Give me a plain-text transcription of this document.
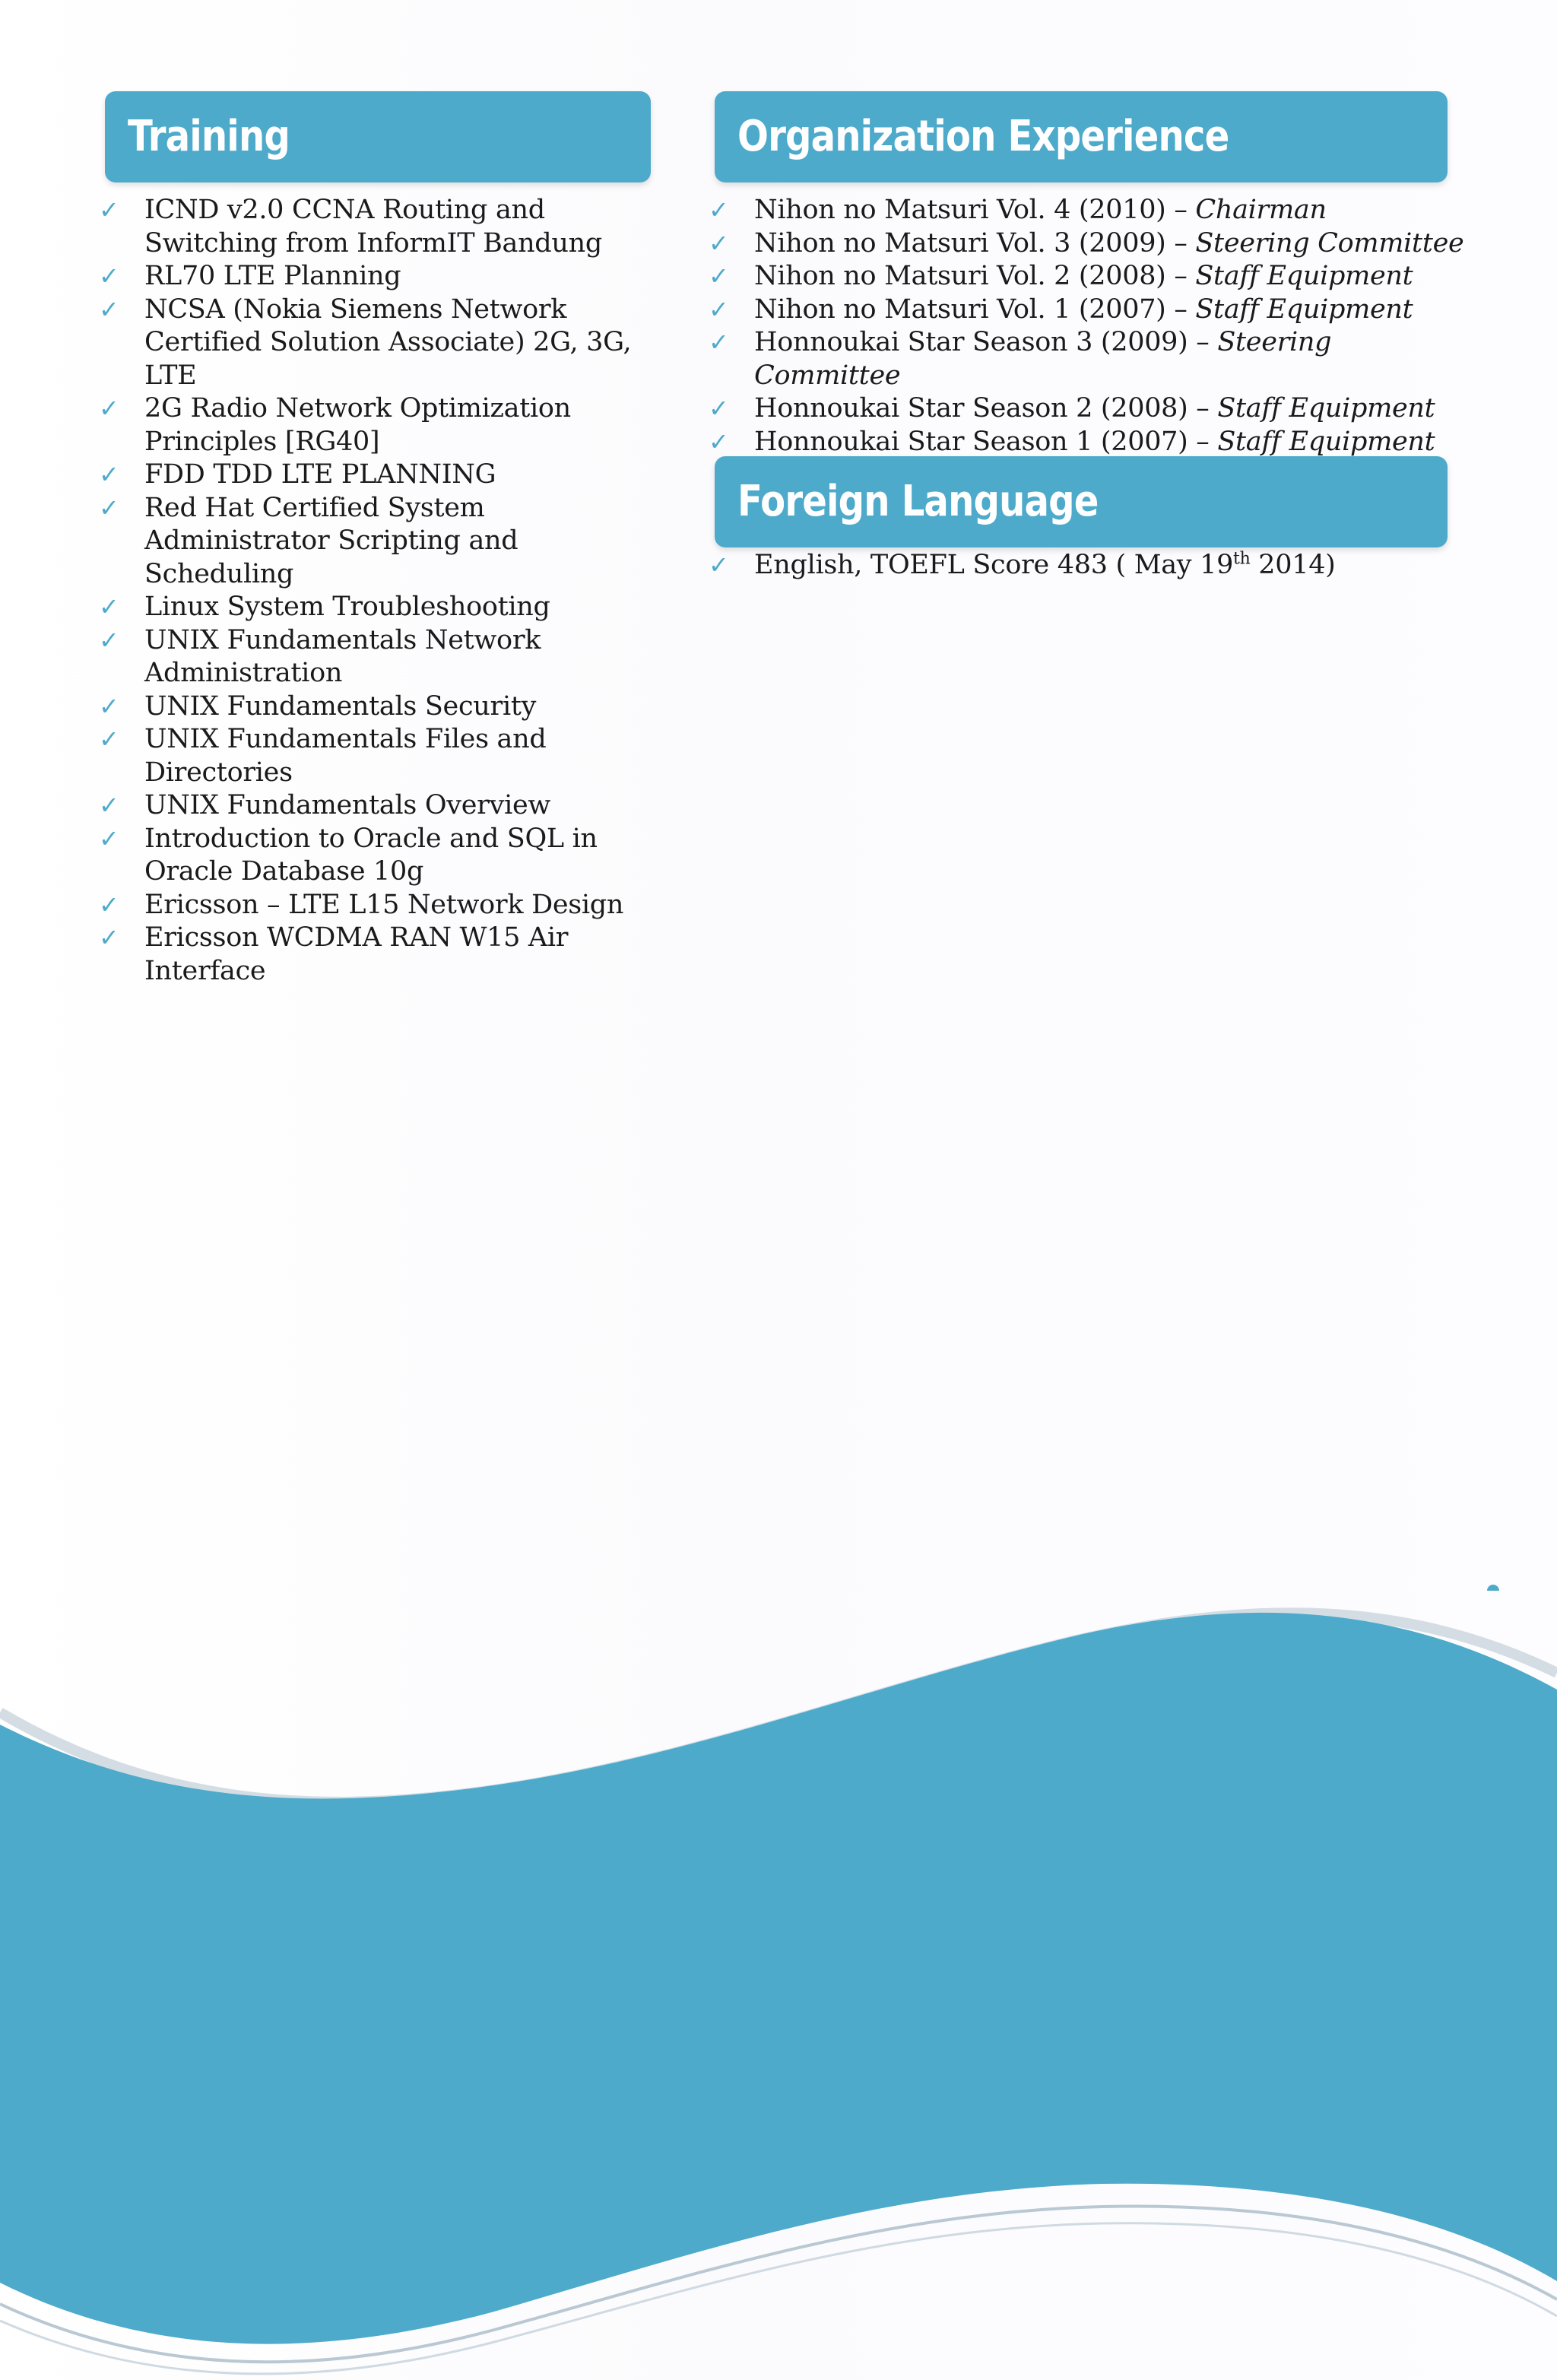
Training
✓ ICND v2.0 CCNA Routing and Switching from InformIT Bandung
✓ RL70 LTE Planning
✓ NCSA (Nokia Siemens Network Certified Solution Associate) 2G, 3G, LTE
✓ 2G Radio Network Optimization Principles [RG40]
✓ FDD TDD LTE PLANNING
✓ Red Hat Certified System Administrator Scripting and Scheduling
✓ Linux System Troubleshooting
✓ UNIX Fundamentals Network Administration
✓ UNIX Fundamentals Security
✓ UNIX Fundamentals Files and Directories
✓ UNIX Fundamentals Overview
✓ Introduction to Oracle and SQL in Oracle Database 10g
✓ Ericsson – LTE L15 Network Design
✓ Ericsson WCDMA RAN W15 Air Interface
Organization Experience
✓ Nihon no Matsuri Vol. 4 (2010) – Chairman
✓ Nihon no Matsuri Vol. 3 (2009) – Steering Committee
✓ Nihon no Matsuri Vol. 2 (2008) – Staff Equipment
✓ Nihon no Matsuri Vol. 1 (2007) – Staff Equipment
✓ Honnoukai Star Season 3 (2009) – Steering Committee
✓ Honnoukai Star Season 2 (2008) – Staff Equipment
✓ Honnoukai Star Season 1 (2007) – Staff Equipment
Foreign Language
✓ English, TOEFL Score 483 ( May 19th 2014)
